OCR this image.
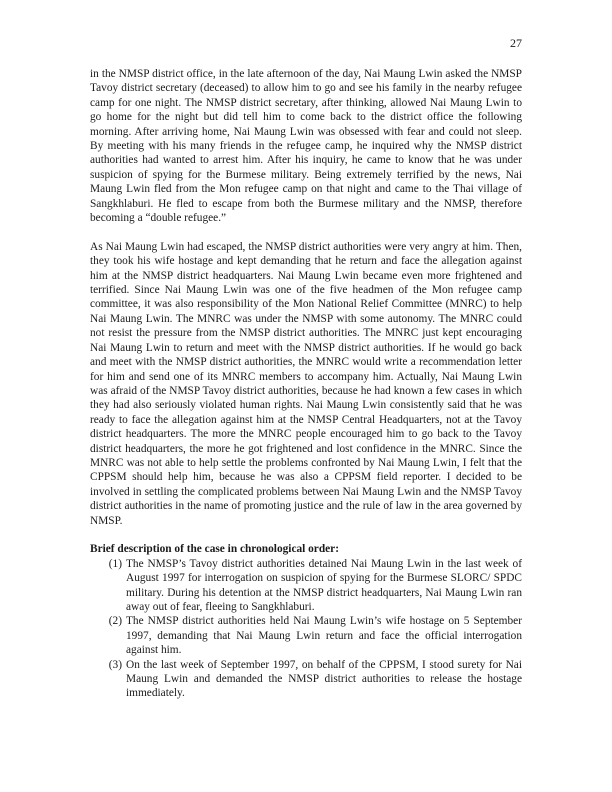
27

in the NMSP district office, in the late afternoon of the day, Nai Maung Lwin asked the NMSP Tavoy district secretary (deceased) to allow him to go and see his family in the nearby refugee camp for one night. The NMSP district secretary, after thinking, allowed Nai Maung Lwin to go home for the night but did tell him to come back to the district office the following morning. After arriving home, Nai Maung Lwin was obsessed with fear and could not sleep. By meeting with his many friends in the refugee camp, he inquired why the NMSP district authorities had wanted to arrest him. After his inquiry, he came to know that he was under suspicion of spying for the Burmese military. Being extremely terrified by the news, Nai Maung Lwin fled from the Mon refugee camp on that night and came to the Thai village of Sangkhlaburi. He fled to escape from both the Burmese military and the NMSP, therefore becoming a “double refugee.”

As Nai Maung Lwin had escaped, the NMSP district authorities were very angry at him. Then, they took his wife hostage and kept demanding that he return and face the allegation against him at the NMSP district headquarters. Nai Maung Lwin became even more frightened and terrified. Since Nai Maung Lwin was one of the five headmen of the Mon refugee camp committee, it was also responsibility of the Mon National Relief Committee (MNRC) to help Nai Maung Lwin. The MNRC was under the NMSP with some autonomy. The MNRC could not resist the pressure from the NMSP district authorities. The MNRC just kept encouraging Nai Maung Lwin to return and meet with the NMSP district authorities. If he would go back and meet with the NMSP district authorities, the MNRC would write a recommendation letter for him and send one of its MNRC members to accompany him. Actually, Nai Maung Lwin was afraid of the NMSP Tavoy district authorities, because he had known a few cases in which they had also seriously violated human rights. Nai Maung Lwin consistently said that he was ready to face the allegation against him at the NMSP Central Headquarters, not at the Tavoy district headquarters. The more the MNRC people encouraged him to go back to the Tavoy district headquarters, the more he got frightened and lost confidence in the MNRC. Since the MNRC was not able to help settle the problems confronted by Nai Maung Lwin, I felt that the CPPSM should help him, because he was also a CPPSM field reporter. I decided to be involved in settling the complicated problems between Nai Maung Lwin and the NMSP Tavoy district authorities in the name of promoting justice and the rule of law in the area governed by NMSP.

Brief description of the case in chronological order:

(1) The NMSP’s Tavoy district authorities detained Nai Maung Lwin in the last week of August 1997 for interrogation on suspicion of spying for the Burmese SLORC/ SPDC military. During his detention at the NMSP district headquarters, Nai Maung Lwin ran away out of fear, fleeing to Sangkhlaburi.
(2) The NMSP district authorities held Nai Maung Lwin’s wife hostage on 5 September 1997, demanding that Nai Maung Lwin return and face the official interrogation against him.
(3) On the last week of September 1997, on behalf of the CPPSM, I stood surety for Nai Maung Lwin and demanded the NMSP district authorities to release the hostage immediately.
